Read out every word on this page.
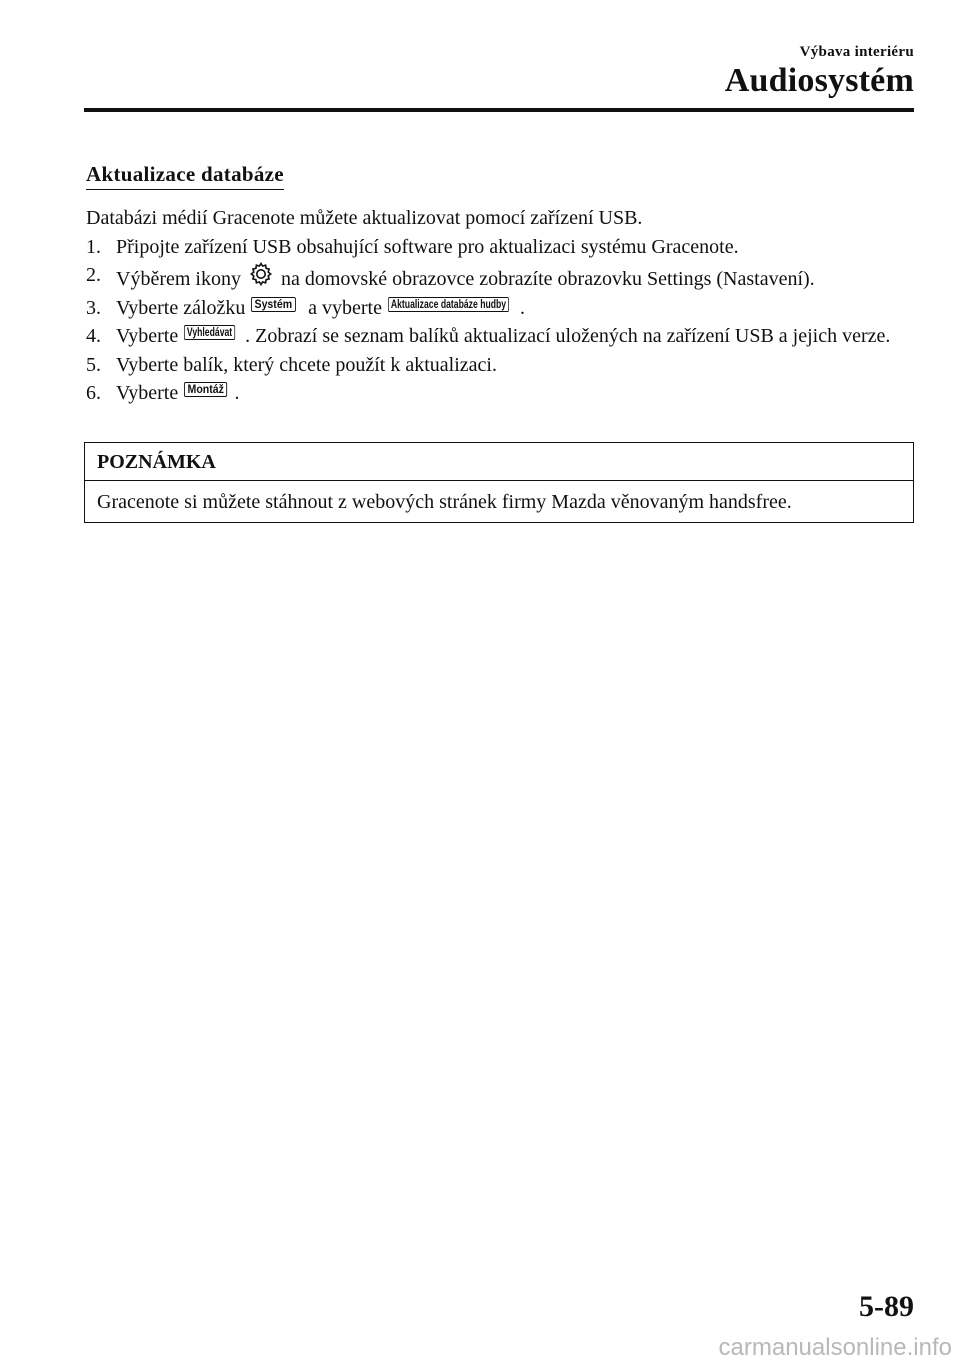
Výbava interiéru
Audiosystém
Aktualizace databáze

Databázi médií Gracenote můžete aktualizovat pomocí zařízení USB.

1. Připojte zařízení USB obsahující software pro aktualizaci systému Gracenote.
2. Výběrem ikony na domovské obrazovce zobrazíte obrazovku Settings (Nastavení).
3. Vyberte záložku Systém a vyberte Aktualizace databáze hudby .
4. Vyberte Vyhledávat . Zobrazí se seznam balíků aktualizací uložených na zařízení USB a jejich verze.
5. Vyberte balík, který chcete použít k aktualizaci.
6. Vyberte Montáž .
POZNÁMKA
Gracenote si můžete stáhnout z webových stránek firmy Mazda věnovaným handsfree.
5-89
carmanualsonline.info
